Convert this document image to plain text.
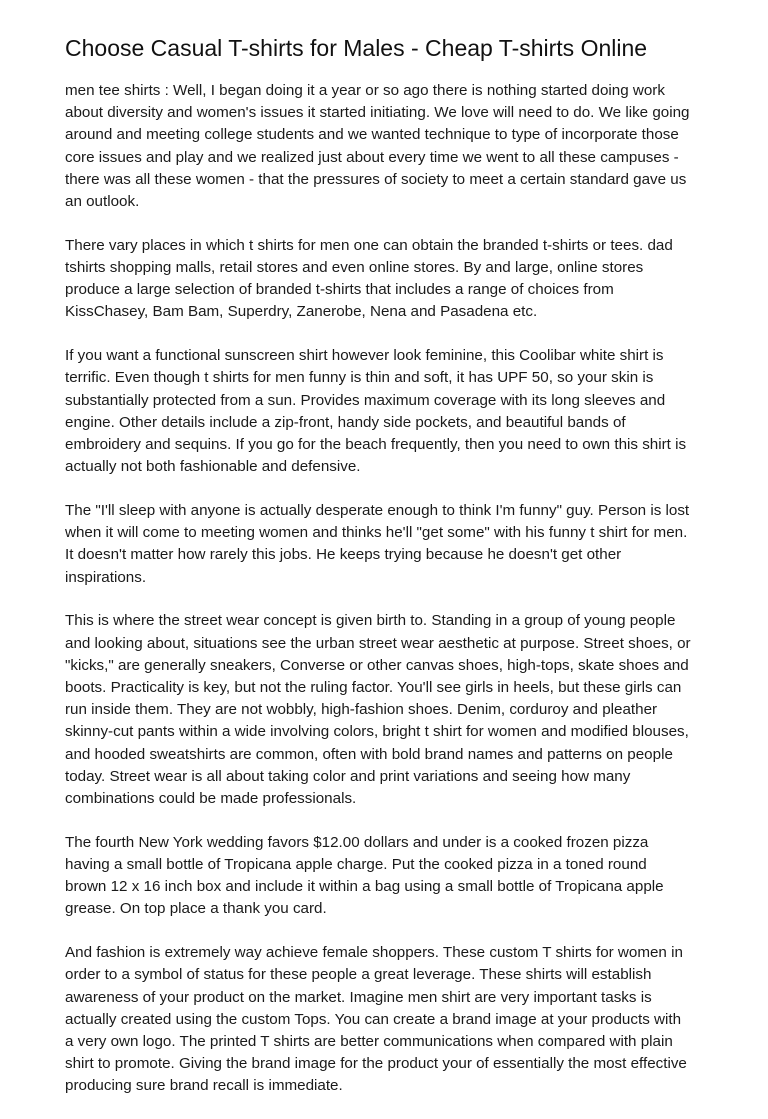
Choose Casual T-shirts for Males - Cheap T-shirts Online
men tee shirts : Well, I began doing it a year or so ago there is nothing started doing work
about diversity and women's issues it started initiating. We love will need to do. We like going
around and meeting college students and we wanted technique to type of incorporate those
core issues and play and we realized just about every time we went to all these campuses -
there was all these women - that the pressures of society to meet a certain standard gave us
an outlook.
There vary places in which t shirts for men one can obtain the branded t-shirts or tees. dad
tshirts shopping malls, retail stores and even online stores. By and large, online stores
produce a large selection of branded t-shirts that includes a range of choices from
KissChasey, Bam Bam, Superdry, Zanerobe, Nena and Pasadena etc.
If you want a functional sunscreen shirt however look feminine, this Coolibar white shirt is
terrific. Even though t shirts for men funny is thin and soft, it has UPF 50, so your skin is
substantially protected from a sun. Provides maximum coverage with its long sleeves and
engine. Other details include a zip-front, handy side pockets, and beautiful bands of
embroidery and sequins. If you go for the beach frequently, then you need to own this shirt is
actually not both fashionable and defensive.
The "I'll sleep with anyone is actually desperate enough to think I'm funny" guy. Person is lost
when it will come to meeting women and thinks he'll "get some" with his funny t shirt for men.
It doesn't matter how rarely this jobs. He keeps trying because he doesn't get other
inspirations.
This is where the street wear concept is given birth to. Standing in a group of young people
and looking about, situations see the urban street wear aesthetic at purpose. Street shoes, or
"kicks," are generally sneakers, Converse or other canvas shoes, high-tops, skate shoes and
boots. Practicality is key, but not the ruling factor. You'll see girls in heels, but these girls can
run inside them. They are not wobbly, high-fashion shoes. Denim, corduroy and pleather
skinny-cut pants within a wide involving colors, bright t shirt for women and modified blouses,
and hooded sweatshirts are common, often with bold brand names and patterns on people
today. Street wear is all about taking color and print variations and seeing how many
combinations could be made professionals.
The fourth New York wedding favors $12.00 dollars and under is a cooked frozen pizza
having a small bottle of Tropicana apple charge. Put the cooked pizza in a toned round
brown 12 x 16 inch box and include it within a bag using a small bottle of Tropicana apple
grease. On top place a thank you card.
And fashion is extremely way achieve female shoppers. These custom T shirts for women in
order to a symbol of status for these people a great leverage. These shirts will establish
awareness of your product on the market. Imagine men shirt are very important tasks is
actually created using the custom Tops. You can create a brand image at your products with
a very own logo. The printed T shirts are better communications when compared with plain
shirt to promote. Giving the brand image for the product your of essentially the most effective
producing sure brand recall is immediate.
